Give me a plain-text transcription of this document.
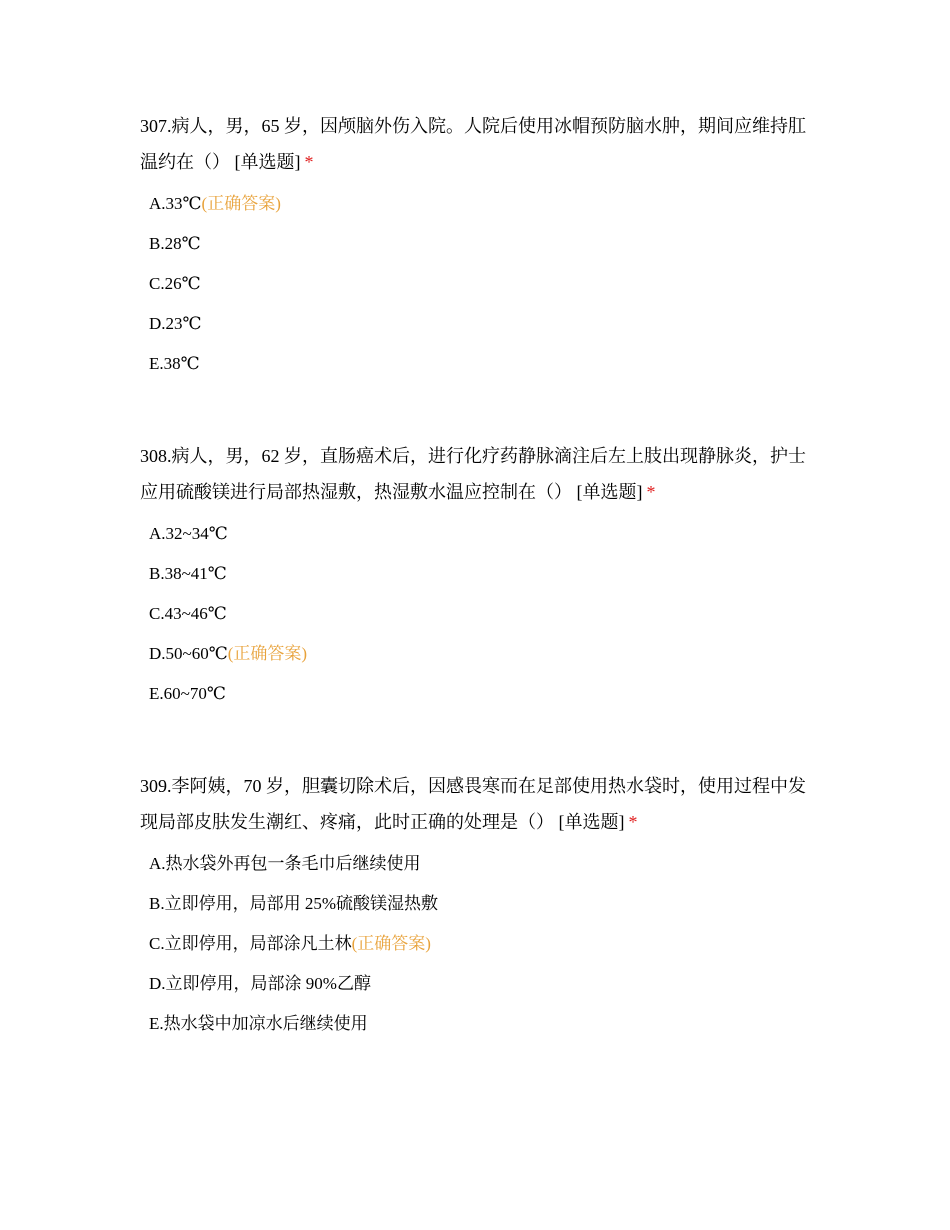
307.病人，男，65 岁，因颅脑外伤入院。人院后使用冰帽预防脑水肿，期间应维持肛温约在（） [单选题] *

A.33℃(正确答案)
B.28℃
C.26℃
D.23℃
E.38℃

308.病人，男，62 岁，直肠癌术后，进行化疗药静脉滴注后左上肢出现静脉炎，护士应用硫酸镁进行局部热湿敷，热湿敷水温应控制在（） [单选题] *

A.32~34℃
B.38~41℃
C.43~46℃
D.50~60℃(正确答案)
E.60~70℃

309.李阿姨，70 岁，胆囊切除术后，因感畏寒而在足部使用热水袋时，使用过程中发现局部皮肤发生潮红、疼痛，此时正确的处理是（） [单选题] *

A.热水袋外再包一条毛巾后继续使用
B.立即停用，局部用 25%硫酸镁湿热敷
C.立即停用，局部涂凡土林(正确答案)
D.立即停用，局部涂 90%乙醇
E.热水袋中加凉水后继续使用
